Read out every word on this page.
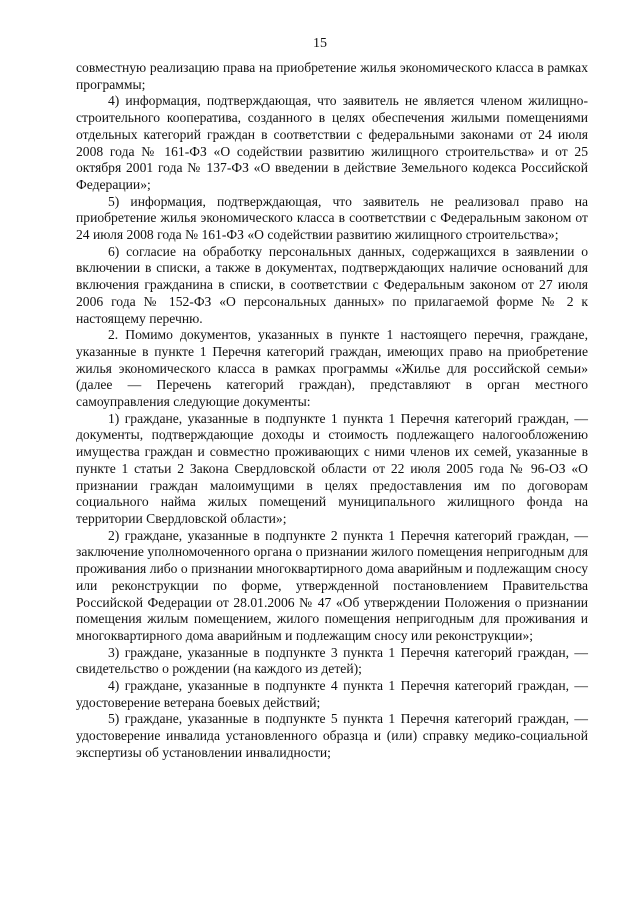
15

совместную реализацию права на приобретение жилья экономического класса в рамках программы;

4) информация, подтверждающая, что заявитель не является членом жилищно-строительного кооператива, созданного в целях обеспечения жилыми помещениями отдельных категорий граждан в соответствии с федеральными законами от 24 июля 2008 года № 161-ФЗ «О содействии развитию жилищного строительства» и от 25 октября 2001 года № 137-ФЗ «О введении в действие Земельного кодекса Российской Федерации»;

5) информация, подтверждающая, что заявитель не реализовал право на приобретение жилья экономического класса в соответствии с Федеральным законом от 24 июля 2008 года № 161-ФЗ «О содействии развитию жилищного строительства»;

6) согласие на обработку персональных данных, содержащихся в заявлении о включении в списки, а также в документах, подтверждающих наличие оснований для включения гражданина в списки, в соответствии с Федеральным законом от 27 июля 2006 года № 152-ФЗ «О персональных данных» по прилагаемой форме № 2 к настоящему перечню.

2. Помимо документов, указанных в пункте 1 настоящего перечня, граждане, указанные в пункте 1 Перечня категорий граждан, имеющих право на приобретение жилья экономического класса в рамках программы «Жилье для российской семьи» (далее — Перечень категорий граждан), представляют в орган местного самоуправления следующие документы:

1) граждане, указанные в подпункте 1 пункта 1 Перечня категорий граждан, — документы, подтверждающие доходы и стоимость подлежащего налогообложению имущества граждан и совместно проживающих с ними членов их семей, указанные в пункте 1 статьи 2 Закона Свердловской области от 22 июля 2005 года № 96-ОЗ «О признании граждан малоимущими в целях предоставления им по договорам социального найма жилых помещений муниципального жилищного фонда на территории Свердловской области»;

2) граждане, указанные в подпункте 2 пункта 1 Перечня категорий граждан, — заключение уполномоченного органа о признании жилого помещения непригодным для проживания либо о признании многоквартирного дома аварийным и подлежащим сносу или реконструкции по форме, утвержденной постановлением Правительства Российской Федерации от 28.01.2006 № 47 «Об утверждении Положения о признании помещения жилым помещением, жилого помещения непригодным для проживания и многоквартирного дома аварийным и подлежащим сносу или реконструкции»;

3) граждане, указанные в подпункте 3 пункта 1 Перечня категорий граждан, — свидетельство о рождении (на каждого из детей);

4) граждане, указанные в подпункте 4 пункта 1 Перечня категорий граждан, — удостоверение ветерана боевых действий;

5) граждане, указанные в подпункте 5 пункта 1 Перечня категорий граждан, — удостоверение инвалида установленного образца и (или) справку медико-социальной экспертизы об установлении инвалидности;
